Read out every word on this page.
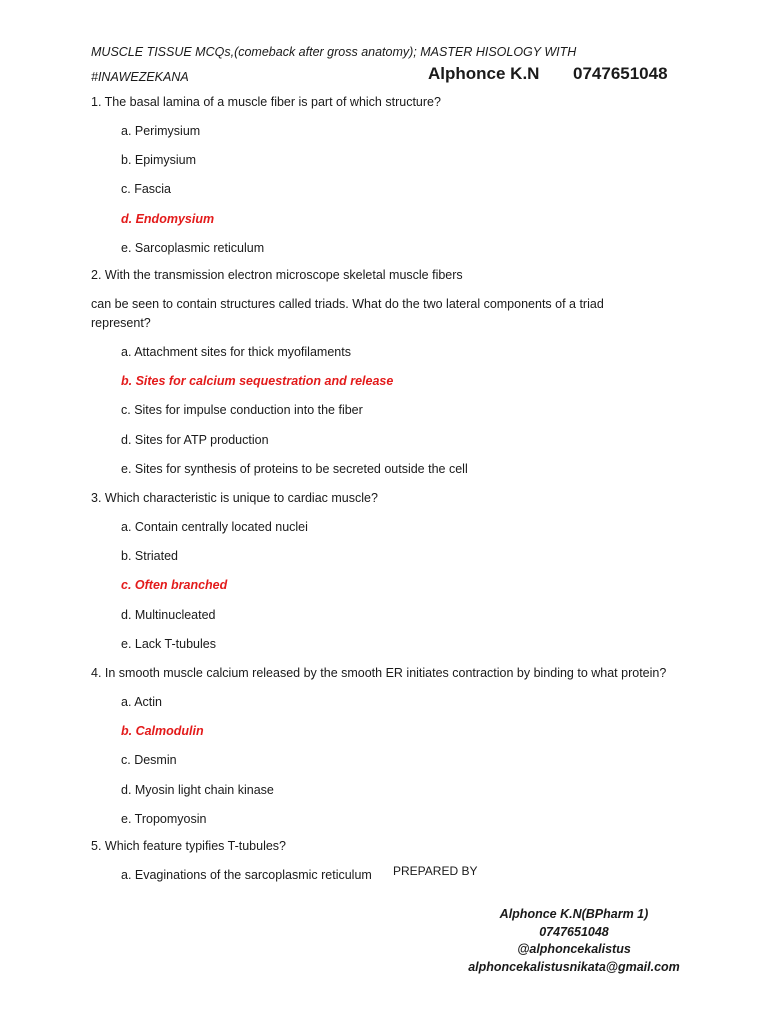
MUSCLE TISSUE MCQs,(comeback after gross anatomy); MASTER HISOLOGY WITH
#INAWEZEKANA	Alphonce K.N 0747651048
1. The basal lamina of a muscle fiber is part of which structure?
a. Perimysium
b. Epimysium
c. Fascia
d. Endomysium
e. Sarcoplasmic reticulum
2. With the transmission electron microscope skeletal muscle fibers
can be seen to contain structures called triads. What do the two lateral components of a triad
represent?
a. Attachment sites for thick myofilaments
b. Sites for calcium sequestration and release
c. Sites for impulse conduction into the fiber
d. Sites for ATP production
e. Sites for synthesis of proteins to be secreted outside the cell
3. Which characteristic is unique to cardiac muscle?
a. Contain centrally located nuclei
b. Striated
c. Often branched
d. Multinucleated
e. Lack T-tubules
4. In smooth muscle calcium released by the smooth ER initiates contraction by binding to what protein?
a. Actin
b. Calmodulin
c. Desmin
d. Myosin light chain kinase
e. Tropomyosin
5. Which feature typifies T-tubules?
a. Evaginations of the sarcoplasmic reticulum PREPARED BY
Alphonce K.N(BPharm 1)
0747651048
@alphoncekalistus
alphoncekalistusnikata@gmail.com
